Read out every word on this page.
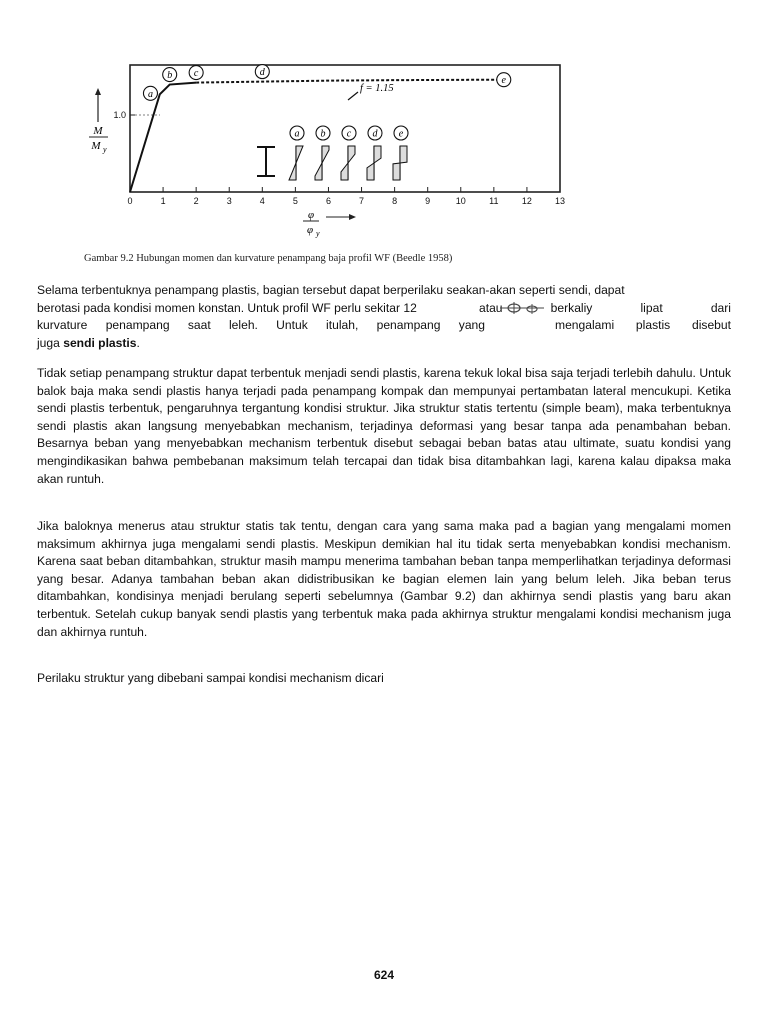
M
M y
1.0
0	1	2	3	4	5	6	7	8	9	10	11	12	13
φ
φ y
a
b c	d
e
f = 1.15
a b c d e
Gambar 9.2 Hubungan momen dan kurvature penampang baja profil WF (Beedle 1958)
Selama terbentuknya penampang plastis, bagian tersebut dapat berperilaku seakan-akan seperti sendi, dapat
berotasi pada kondisi momen konstan. Untuk profil WF perlu sekitar 12	atau berkaliy lipat dari
kurvature penampang saat leleh. Untuk itulah, penampang yang	mengalami plastis disebut
juga sendi plastis.

Tidak setiap penampang struktur dapat terbentuk menjadi sendi plastis, karena tekuk lokal bisa saja terjadi terlebih dahulu. Untuk balok baja maka sendi plastis hanya terjadi pada penampang kompak dan mempunyai pertambatan lateral mencukupi. Ketika sendi plastis terbentuk, pengaruhnya tergantung kondisi struktur. Jika struktur statis tertentu (simple beam), maka terbentuknya sendi plastis akan langsung menyebabkan mechanism, terjadinya deformasi yang besar tanpa ada penambahan beban. Besarnya beban yang menyebabkan mechanism terbentuk disebut sebagai beban batas atau ultimate, suatu kondisi yang mengindikasikan bahwa pembebanan maksimum telah tercapai dan tidak bisa ditambahkan lagi, karena kalau dipaksa maka akan runtuh.

Jika baloknya menerus atau struktur statis tak tentu, dengan cara yang sama maka pad a bagian yang mengalami momen maksimum akhirnya juga mengalami sendi plastis. Meskipun demikian hal itu tidak serta menyebabkan kondisi mechanism. Karena saat beban ditambahkan, struktur masih mampu menerima tambahan beban tanpa memperlihatkan terjadinya deformasi yang besar. Adanya tambahan beban akan didistribusikan ke bagian elemen lain yang belum leleh. Jika beban terus ditambahkan, kondisinya menjadi berulang seperti sebelumnya (Gambar 9.2) dan akhirnya sendi plastis yang baru akan terbentuk. Setelah cukup banyak sendi plastis yang terbentuk maka pada akhirnya struktur mengalami kondisi mechanism juga dan akhirnya runtuh.

Perilaku struktur yang dibebani sampai kondisi mechanism dicari

624
